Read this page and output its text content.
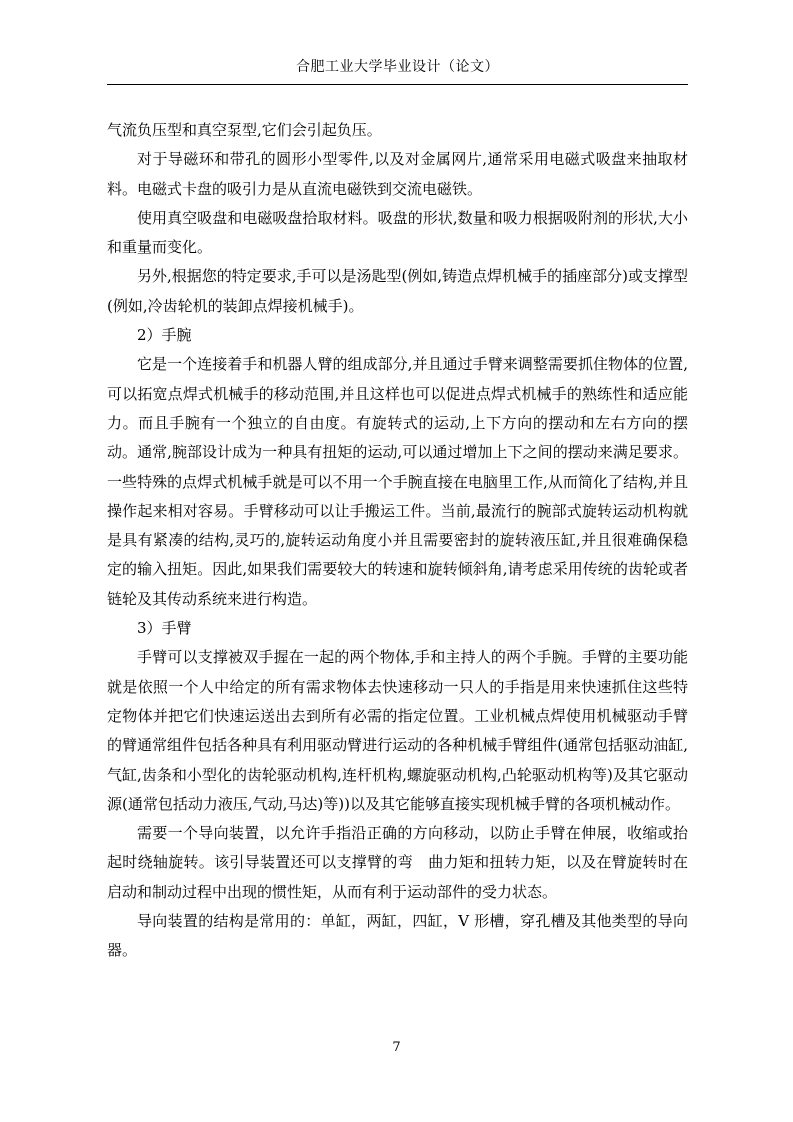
合肥工业大学毕业设计（论文）

气流负压型和真空泵型,它们会引起负压。

对于导磁环和带孔的圆形小型零件,以及对金属网片,通常采用电磁式吸盘来抽取材料。电磁式卡盘的吸引力是从直流电磁铁到交流电磁铁。

使用真空吸盘和电磁吸盘拾取材料。吸盘的形状,数量和吸力根据吸附剂的形状,大小和重量而变化。

另外,根据您的特定要求,手可以是汤匙型(例如,铸造点焊机械手的插座部分)或支撑型(例如,冷齿轮机的装卸点焊接机械手)。

2）手腕

它是一个连接着手和机器人臂的组成部分,并且通过手臂来调整需要抓住物体的位置,可以拓宽点焊式机械手的移动范围,并且这样也可以促进点焊式机械手的熟练性和适应能力。而且手腕有一个独立的自由度。有旋转式的运动,上下方向的摆动和左右方向的摆动。通常,腕部设计成为一种具有扭矩的运动,可以通过增加上下之间的摆动来满足要求。一些特殊的点焊式机械手就是可以不用一个手腕直接在电脑里工作,从而简化了结构,并且操作起来相对容易。手臂移动可以让手搬运工件。当前,最流行的腕部式旋转运动机构就是具有紧凑的结构,灵巧的,旋转运动角度小并且需要密封的旋转液压缸,并且很难确保稳定的输入扭矩。因此,如果我们需要较大的转速和旋转倾斜角,请考虑采用传统的齿轮或者链轮及其传动系统来进行构造。

3）手臂

手臂可以支撑被双手握在一起的两个物体,手和主持人的两个手腕。手臂的主要功能就是依照一个人中给定的所有需求物体去快速移动一只人的手指是用来快速抓住这些特定物体并把它们快速运送出去到所有必需的指定位置。工业机械点焊使用机械驱动手臂的臂通常组件包括各种具有利用驱动臂进行运动的各种机械手臂组件(通常包括驱动油缸,气缸,齿条和小型化的齿轮驱动机构,连杆机构,螺旋驱动机构,凸轮驱动机构等)及其它驱动源(通常包括动力液压,气动,马达)等))以及其它能够直接实现机械手臂的各项机械动作。

需要一个导向装置，以允许手指沿正确的方向移动，以防止手臂在伸展，收缩或抬起时绕轴旋转。该引导装置还可以支撑臂的弯　曲力矩和扭转力矩，以及在臂旋转时在启动和制动过程中出现的惯性矩，从而有利于运动部件的受力状态。

导向装置的结构是常用的：单缸，两缸，四缸，V 形槽，穿孔槽及其他类型的导向器。

7
